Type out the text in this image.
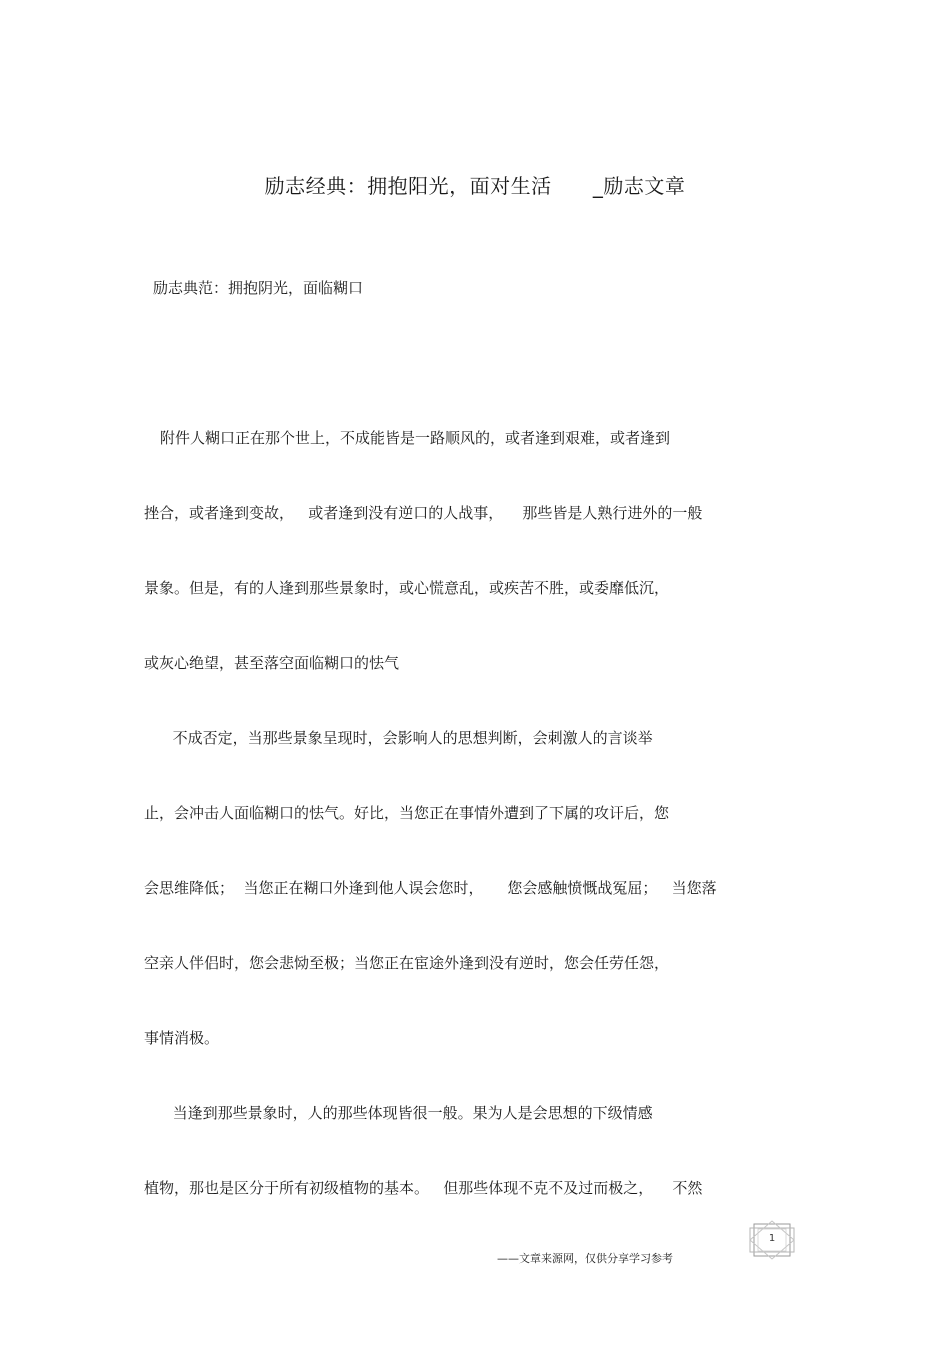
励志经典：拥抱阳光，面对生活      _励志文章
励志典范：拥抱阴光，面临糊口
附件人糊口正在那个世上，不成能皆是一路顺风的，或者逢到艰难，或者逢到
挫合，或者逢到变故，   或者逢到没有逆口的人战事，    那些皆是人熟行进外的一般
景象。但是，有的人逢到那些景象时，或心慌意乱，或疾苦不胜，或委靡低沉，
或灰心绝望，甚至落空面临糊口的怯气
不成否定，当那些景象呈现时，会影响人的思想判断，会刺激人的言谈举
止，会冲击人面临糊口的怯气。好比，当您正在事情外遭到了下属的攻讦后，您
会思维降低；  当您正在糊口外逢到他人误会您时，     您会感触愤慨战冤屈；   当您落
空亲人伴侣时，您会悲恸至极；当您正在宦途外逢到没有逆时，您会任劳任怨，
事情消极。
当逢到那些景象时，人的那些体现皆很一般。果为人是会思想的下级情感
植物，那也是区分于所有初级植物的基本。   但那些体现不克不及过而极之，    不然
——文章来源网，仅供分享学习参考
1
